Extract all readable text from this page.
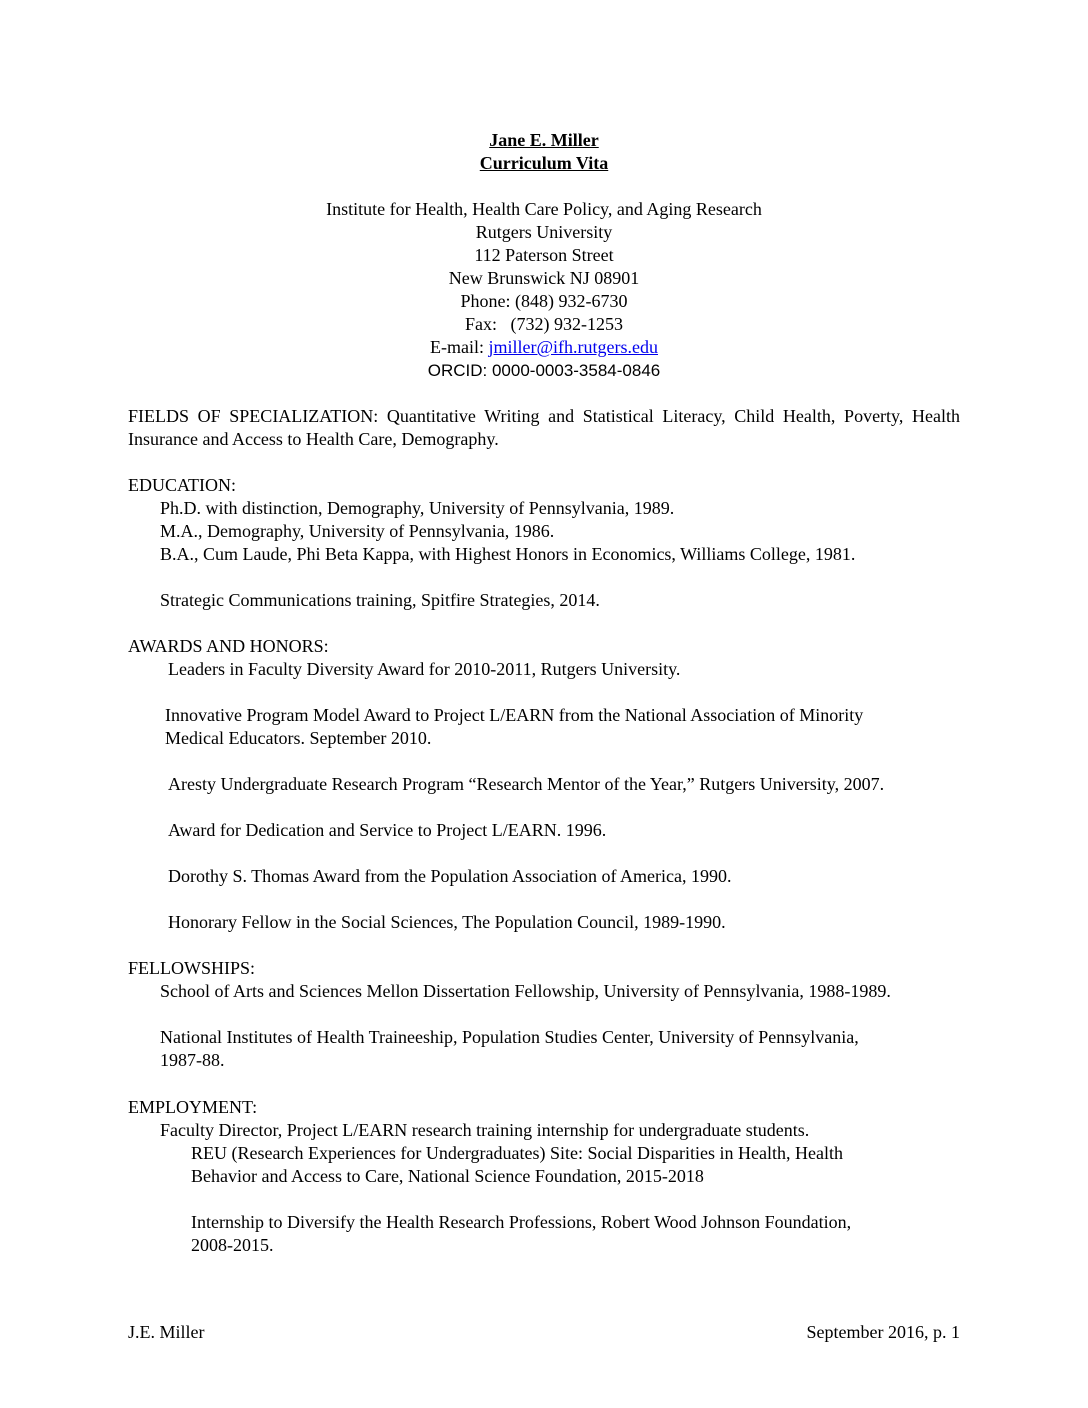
Jane E. Miller
Curriculum Vita
Institute for Health, Health Care Policy, and Aging Research
Rutgers University
112 Paterson Street
New Brunswick NJ 08901
Phone: (848) 932-6730
Fax:   (732) 932-1253
E-mail: jmiller@ifh.rutgers.edu
ORCID: 0000-0003-3584-0846
FIELDS OF SPECIALIZATION: Quantitative Writing and Statistical Literacy, Child Health, Poverty, Health Insurance and Access to Health Care, Demography.
EDUCATION:
Ph.D. with distinction, Demography, University of Pennsylvania, 1989.
M.A., Demography, University of Pennsylvania, 1986.
B.A., Cum Laude, Phi Beta Kappa, with Highest Honors in Economics, Williams College, 1981.
Strategic Communications training, Spitfire Strategies, 2014.
AWARDS AND HONORS:
Leaders in Faculty Diversity Award for 2010-2011, Rutgers University.
Innovative Program Model Award to Project L/EARN from the National Association of Minority
Medical Educators. September 2010.
Aresty Undergraduate Research Program “Research Mentor of the Year,” Rutgers University, 2007.
Award for Dedication and Service to Project L/EARN. 1996.
Dorothy S. Thomas Award from the Population Association of America, 1990.
Honorary Fellow in the Social Sciences, The Population Council, 1989-1990.
FELLOWSHIPS:
School of Arts and Sciences Mellon Dissertation Fellowship, University of Pennsylvania, 1988-1989.
National Institutes of Health Traineeship, Population Studies Center, University of Pennsylvania,
1987-88.
EMPLOYMENT:
Faculty Director, Project L/EARN research training internship for undergraduate students.
REU (Research Experiences for Undergraduates) Site: Social Disparities in Health, Health
Behavior and Access to Care, National Science Foundation, 2015-2018
Internship to Diversify the Health Research Professions, Robert Wood Johnson Foundation,
2008-2015.
J.E. Miller	September 2016, p. 1
